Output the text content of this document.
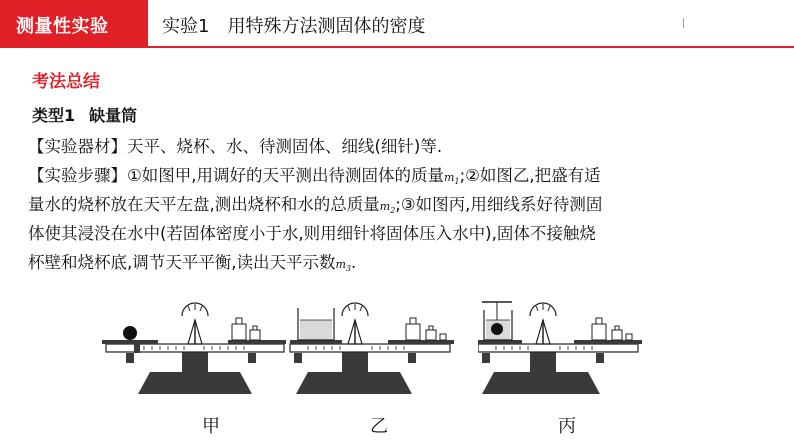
测量性实验	实验1　用特殊方法测固体的密度
考法总结
类型1 缺量筒
【实验器材】天平、烧杯、水、待测固体、细线(细针)等.
【实验步骤】①如图甲,用调好的天平测出待测固体的质量$m_1;②$如图乙,把盛有适
量水的烧杯放在天平左盘,测出烧杯和水的总质量$m_2;③$如图丙,用细线系好待测固
体使其浸没在水中(若固体密度小于水,则用细针将固体压入水中),固体不接触烧
杯壁和烧杯底,调节天平平衡,读出天平示数$m_3$.
甲	乙	丙
